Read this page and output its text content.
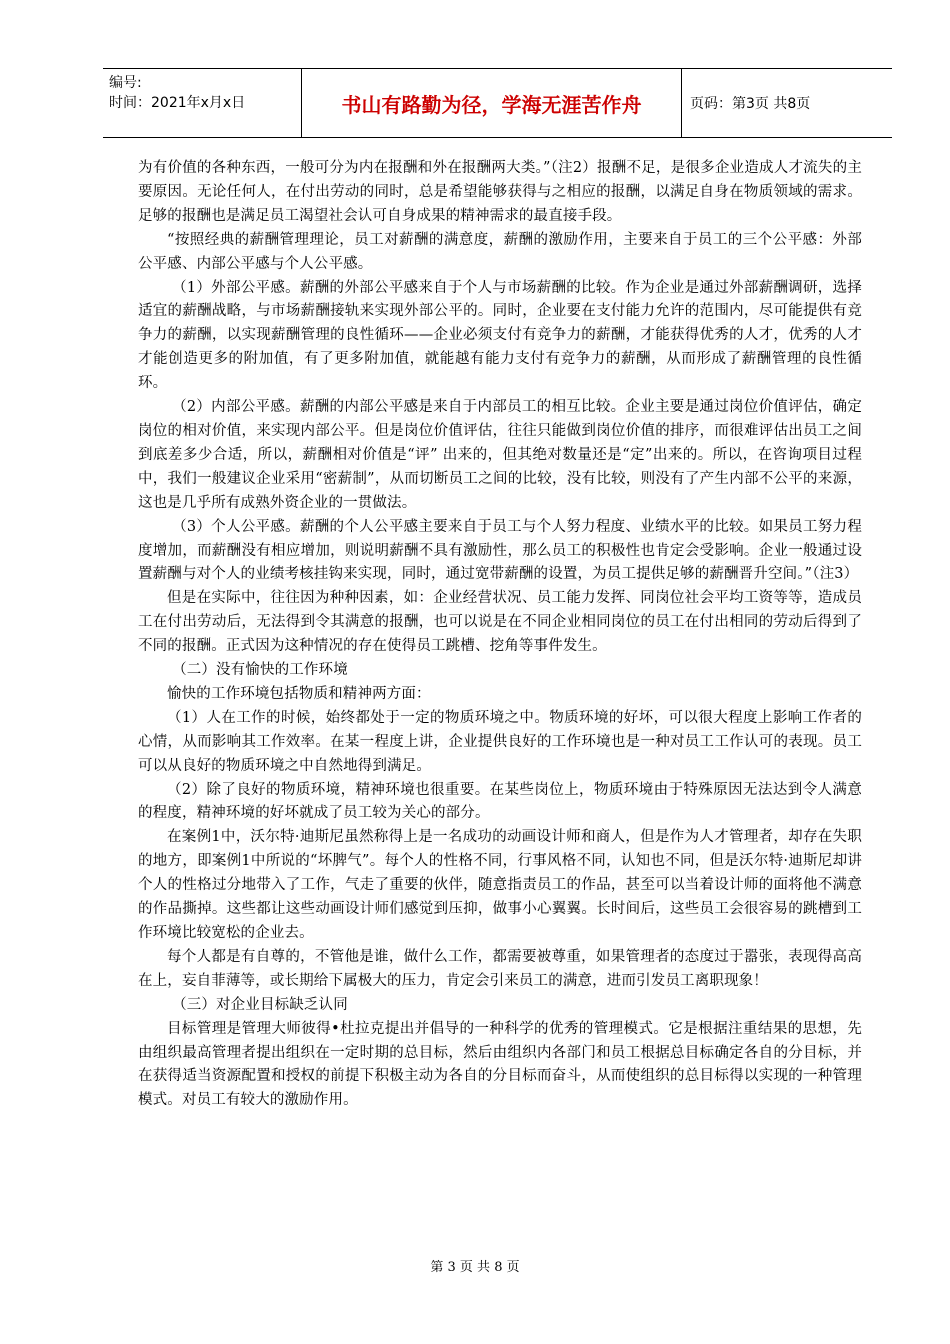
编号:
时间：2021年x月x日	书山有路勤为径，学海无涯苦作舟	页码：第3页 共8页

为有价值的各种东西，一般可分为内在报酬和外在报酬两大类。”（注2）报酬不足，是很多企业造成人才流失的主要原因。无论任何人，在付出劳动的同时，总是希望能够获得与之相应的报酬，以满足自身在物质领域的需求。足够的报酬也是满足员工渴望社会认可自身成果的精神需求的最直接手段。

“按照经典的薪酬管理理论，员工对薪酬的满意度，薪酬的激励作用，主要来自于员工的三个公平感：外部公平感、内部公平感与个人公平感。

（1）外部公平感。薪酬的外部公平感来自于个人与市场薪酬的比较。作为企业是通过外部薪酬调研，选择适宜的薪酬战略，与市场薪酬接轨来实现外部公平的。同时，企业要在支付能力允许的范围内，尽可能提供有竞争力的薪酬，以实现薪酬管理的良性循环——企业必须支付有竞争力的薪酬，才能获得优秀的人才，优秀的人才才能创造更多的附加值，有了更多附加值，就能越有能力支付有竞争力的薪酬，从而形成了薪酬管理的良性循环。

（2）内部公平感。薪酬的内部公平感是来自于内部员工的相互比较。企业主要是通过岗位价值评估，确定岗位的相对价值，来实现内部公平。但是岗位价值评估，往往只能做到岗位价值的排序，而很难评估出员工之间到底差多少合适，所以，薪酬相对价值是“评” 出来的，但其绝对数量还是“定”出来的。所以，在咨询项目过程中，我们一般建议企业采用“密薪制”，从而切断员工之间的比较，没有比较，则没有了产生内部不公平的来源，这也是几乎所有成熟外资企业的一贯做法。

（3）个人公平感。薪酬的个人公平感主要来自于员工与个人努力程度、业绩水平的比较。如果员工努力程度增加，而薪酬没有相应增加，则说明薪酬不具有激励性，那么员工的积极性也肯定会受影响。企业一般通过设置薪酬与对个人的业绩考核挂钩来实现，同时，通过宽带薪酬的设置，为员工提供足够的薪酬晋升空间。”（注3）

但是在实际中，往往因为种种因素，如：企业经营状况、员工能力发挥、同岗位社会平均工资等等，造成员工在付出劳动后，无法得到令其满意的报酬，也可以说是在不同企业相同岗位的员工在付出相同的劳动后得到了不同的报酬。正式因为这种情况的存在使得员工跳槽、挖角等事件发生。

（二）没有愉快的工作环境

愉快的工作环境包括物质和精神两方面：

（1）人在工作的时候，始终都处于一定的物质环境之中。物质环境的好坏，可以很大程度上影响工作者的心情，从而影响其工作效率。在某一程度上讲，企业提供良好的工作环境也是一种对员工工作认可的表现。员工可以从良好的物质环境之中自然地得到满足。

（2）除了良好的物质环境，精神环境也很重要。在某些岗位上，物质环境由于特殊原因无法达到令人满意的程度，精神环境的好坏就成了员工较为关心的部分。

在案例1中，沃尔特·迪斯尼虽然称得上是一名成功的动画设计师和商人，但是作为人才管理者，却存在失职的地方，即案例1中所说的“坏脾气”。每个人的性格不同，行事风格不同，认知也不同，但是沃尔特·迪斯尼却讲个人的性格过分地带入了工作，气走了重要的伙伴，随意指责员工的作品，甚至可以当着设计师的面将他不满意的作品撕掉。这些都让这些动画设计师们感觉到压抑，做事小心翼翼。长时间后，这些员工会很容易的跳槽到工作环境比较宽松的企业去。

每个人都是有自尊的，不管他是谁，做什么工作，都需要被尊重，如果管理者的态度过于嚣张，表现得高高在上，妄自菲薄等，或长期给下属极大的压力，肯定会引来员工的满意，进而引发员工离职现象！

（三）对企业目标缺乏认同

目标管理是管理大师彼得•杜拉克提出并倡导的一种科学的优秀的管理模式。它是根据注重结果的思想，先由组织最高管理者提出组织在一定时期的总目标，然后由组织内各部门和员工根据总目标确定各自的分目标，并在获得适当资源配置和授权的前提下积极主动为各自的分目标而奋斗，从而使组织的总目标得以实现的一种管理模式。对员工有较大的激励作用。

第 3 页 共 8 页
